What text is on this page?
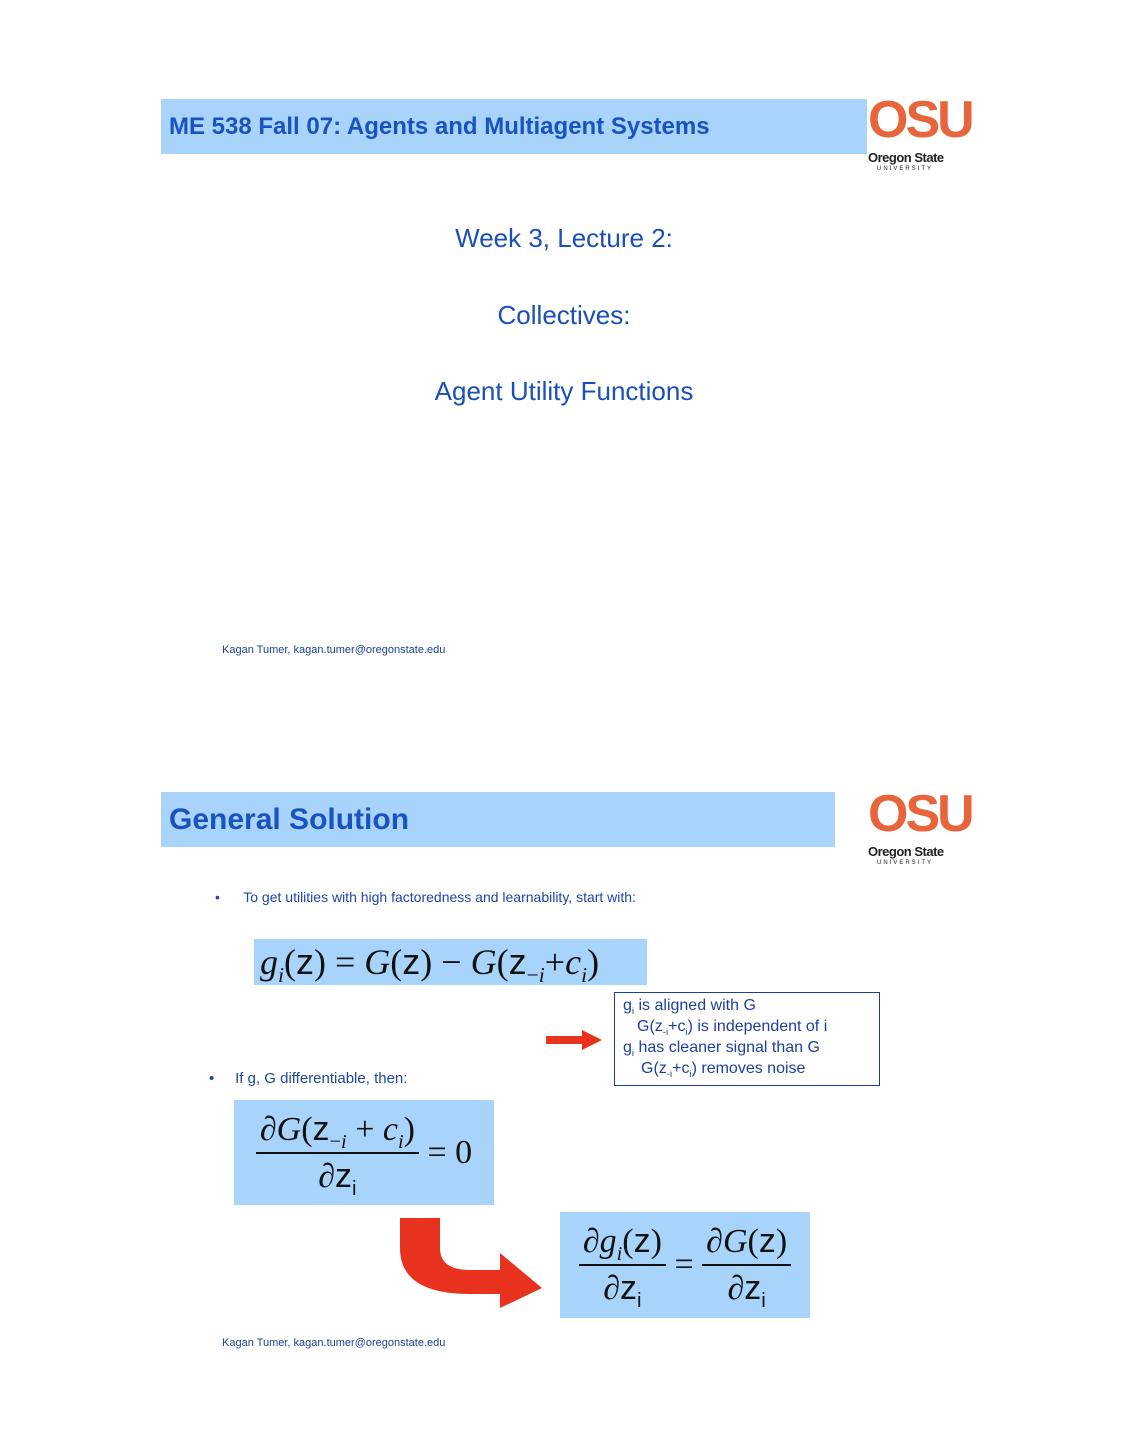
ME 538 Fall 07: Agents and Multiagent Systems	OSU
Oregon State
UNIVERSITY
Week 3, Lecture 2:
Collectives:
Agent Utility Functions
Kagan Tumer, kagan.tumer@oregonstate.edu
General Solution	OSU
Oregon State
UNIVERSITY
•      To get utilities with high factoredness and learnability, start with:
$g_i(z) = G(z) - G(z_{-i}+c_i)$
$g_i$ is aligned with G
$G(z_{-i}+c_i)$ is independent of i
$g_i$ has cleaner signal than G
$G(z_{-i}+c_i)$ removes noise
•     If g, G differentiable, then:
$\frac{\partial G(z_{-i} + c_i)}{\partial z_i} = 0$
$\frac{\partial g_i(z)}{\partial z_i} = \frac{\partial G(z)}{\partial z_i}$
Kagan Tumer, kagan.tumer@oregonstate.edu
